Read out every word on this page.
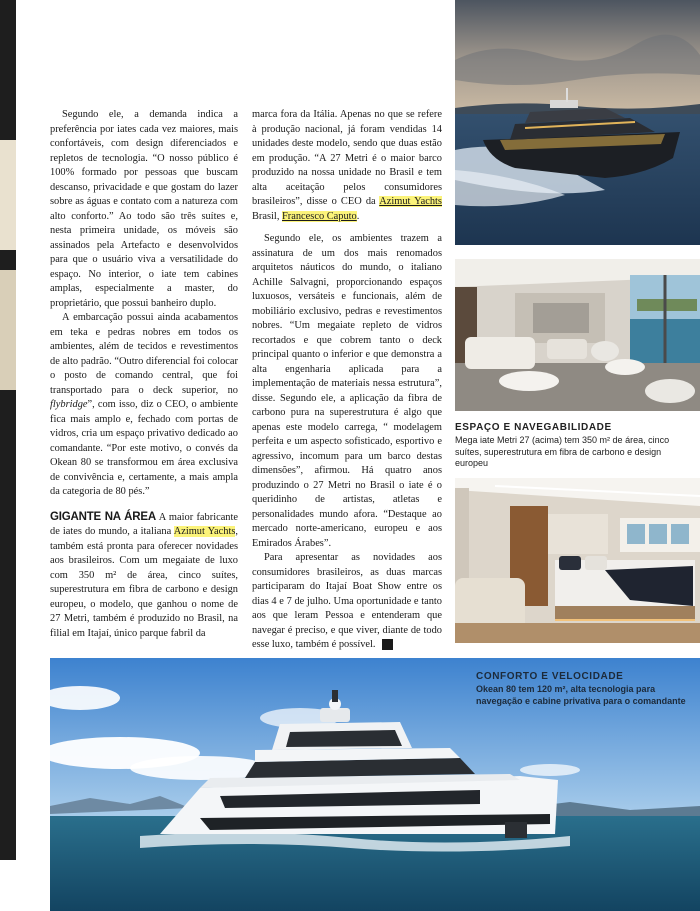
ESPAÇO E NAVEGABILIDADE
Mega iate Metri 27 (acima) tem 350 m² de área, cinco suítes, superestrutura em fibra de carbono e design europeu
CONFORTO E VELOCIDADE
Okean 80 tem 120 m², alta tecnologia para navegação e cabine privativa para o comandante

Segundo ele, a demanda indica a preferência por iates cada vez maiores, mais confortáveis, com design diferenciados e repletos de tecnologia. “O nosso público é 100% formado por pessoas que buscam descanso, privacidade e que gostam do lazer sobre as águas e contato com a natureza com alto conforto.” Ao todo são três suítes e, nesta primeira unidade, os móveis são assinados pela Artefacto e desenvolvidos para que o usuário viva a versatilidade do espaço. No interior, o iate tem cabines amplas, especialmente a master, do proprietário, que possui banheiro duplo.

A embarcação possui ainda acabamentos em teka e pedras nobres em todos os ambientes, além de tecidos e revestimentos de alto padrão. “Outro diferencial foi colocar o posto de comando central, que foi transportado para o deck superior, no flybridge”, com isso, diz o CEO, o ambiente fica mais amplo e, fechado com portas de vidros, cria um espaço privativo dedicado ao comandante. “Por este motivo, o convés da Okean 80 se transformou em área exclusiva de convivência e, certamente, a mais ampla da categoria de 80 pés.”

GIGANTE NA ÁREA A maior fabricante de iates do mundo, a italiana Azimut Yachts, também está pronta para oferecer novidades aos brasileiros. Com um megaiate de luxo com 350 m² de área, cinco suítes, superestrutura em fibra de carbono e design europeu, o modelo, que ganhou o nome de 27 Metri, também é produzido no Brasil, na filial em Itajaí, único parque fabril da

marca fora da Itália. Apenas no que se refere à produção nacional, já foram vendidas 14 unidades deste modelo, sendo que duas estão em produção. “A 27 Metri é o maior barco produzido na nossa unidade no Brasil e tem alta aceitação pelos consumidores brasileiros”, disse o CEO da Azimut Yachts Brasil, Francesco Caputo.

Segundo ele, os ambientes trazem a assinatura de um dos mais renomados arquitetos náuticos do mundo, o italiano Achille Salvagni, proporcionando espaços luxuosos, versáteis e funcionais, além de mobiliário exclusivo, pedras e revestimentos nobres. “Um megaiate repleto de vidros recortados e que cobrem tanto o deck principal quanto o inferior e que demonstra a alta engenharia aplicada para a implementação de materiais nessa estrutura”, disse. Segundo ele, a aplicação da fibra de carbono pura na superestrutura é algo que apenas este modelo carrega, “ modelagem perfeita e um aspecto sofisticado, esportivo e agressivo, incomum para um barco destas dimensões”, afirmou. Há quatro anos produzindo o 27 Metri no Brasil o iate é o queridinho de artistas, atletas e personalidades mundo afora. “Destaque ao mercado norte-americano, europeu e aos Emirados Árabes”.

Para apresentar as novidades aos consumidores brasileiros, as duas marcas participaram do Itajaí Boat Show entre os dias 4 e 7 de julho. Uma oportunidade e tanto aos que leram Pessoa e entenderam que navegar é preciso, e que viver, diante de todo esse luxo, também é possível. S
